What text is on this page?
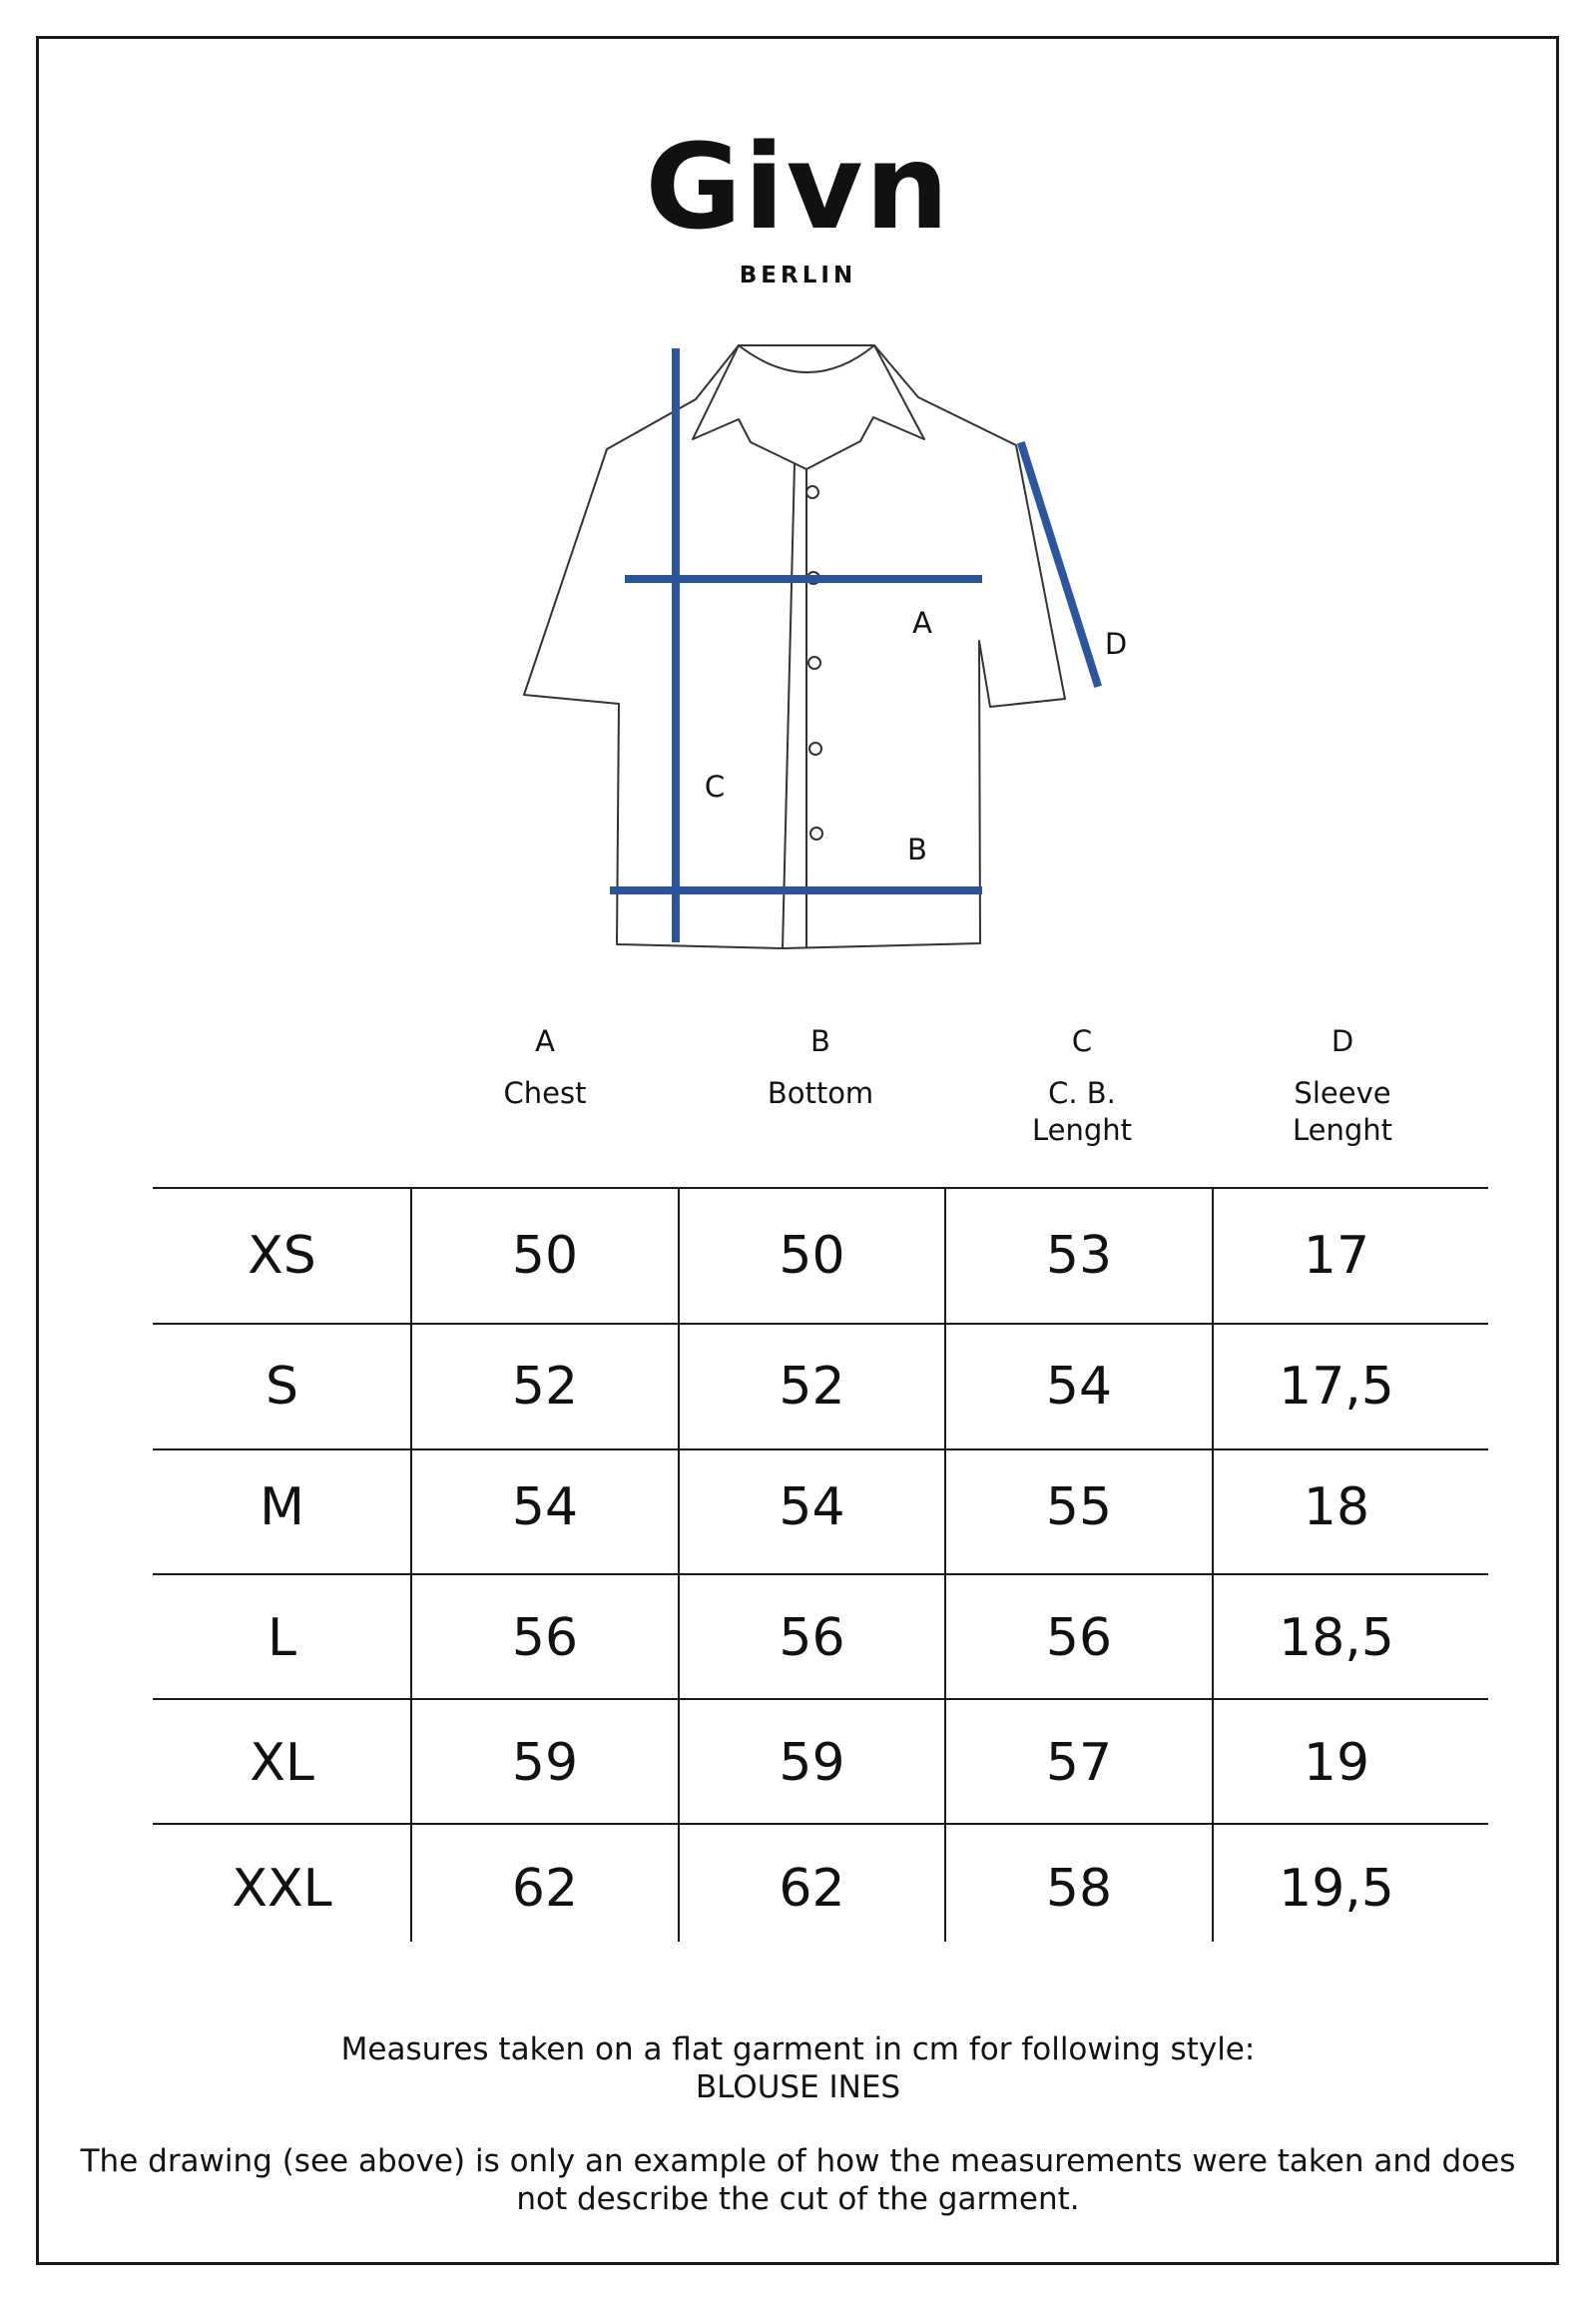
Givn
BERLIN
A
B
C
D
A
Chest
B
Bottom
C
C. B.
Lenght
D
Sleeve
Lenght
XS	50	50	53	17
S	52	52	54	17,5
M	54	54	55	18
L	56	56	56	18,5
XL	59	59	57	19
XXL	62	62	58	19,5
Measures taken on a flat garment in cm for following style:
BLOUSE INES
The drawing (see above) is only an example of how the measurements were taken and does
not describe the cut of the garment.
